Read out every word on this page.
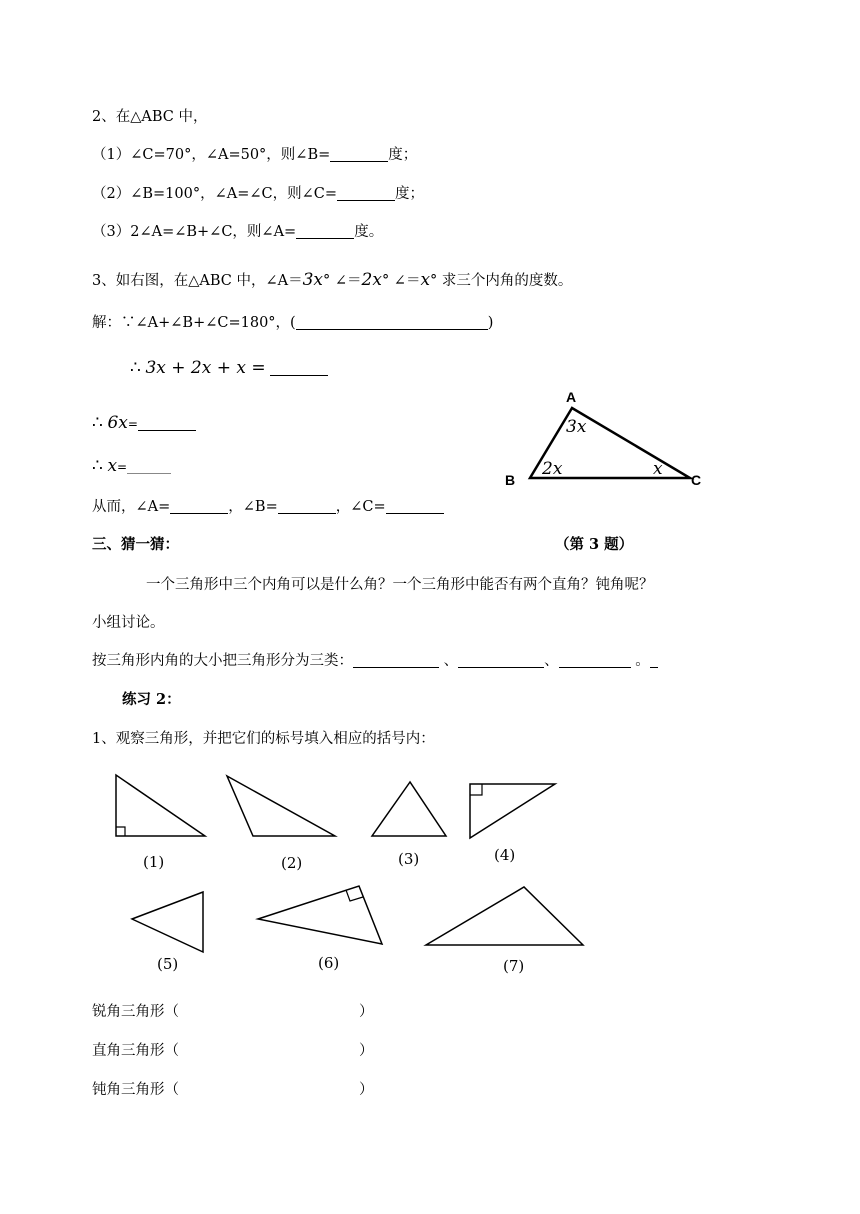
2、在△ABC 中，
（1）∠C=70°，∠A=50°，则∠B=	度；
（2）∠B=100°，∠A=∠C，则∠C=	度；
（3）2∠A=∠B+∠C，则∠A=	度。
3、如右图，在△ABC 中，∠A＝3x° ∠＝2x° ∠＝x° 求三个内角的度数。
解：∵∠A+∠B+∠C=180°，(	)
∴ 3x + 2x + x =
∴ 6x=
∴ x=
从而，∠A=	，∠B=	，∠C=
A
B	C
3x
2x	x
三、猜一猜：	（第 3 题）
一个三角形中三个内角可以是什么角？一个三角形中能否有两个直角？钝角呢？
小组讨论。
按三角形内角的大小把三角形分为三类：	、	、	。
练习 2：
1、观察三角形，并把它们的标号填入相应的括号内：
(1)	(2)	(3)	(4)
(5)	(6)	(7)
锐角三角形（	）
直角三角形（	）
钝角三角形（	）
